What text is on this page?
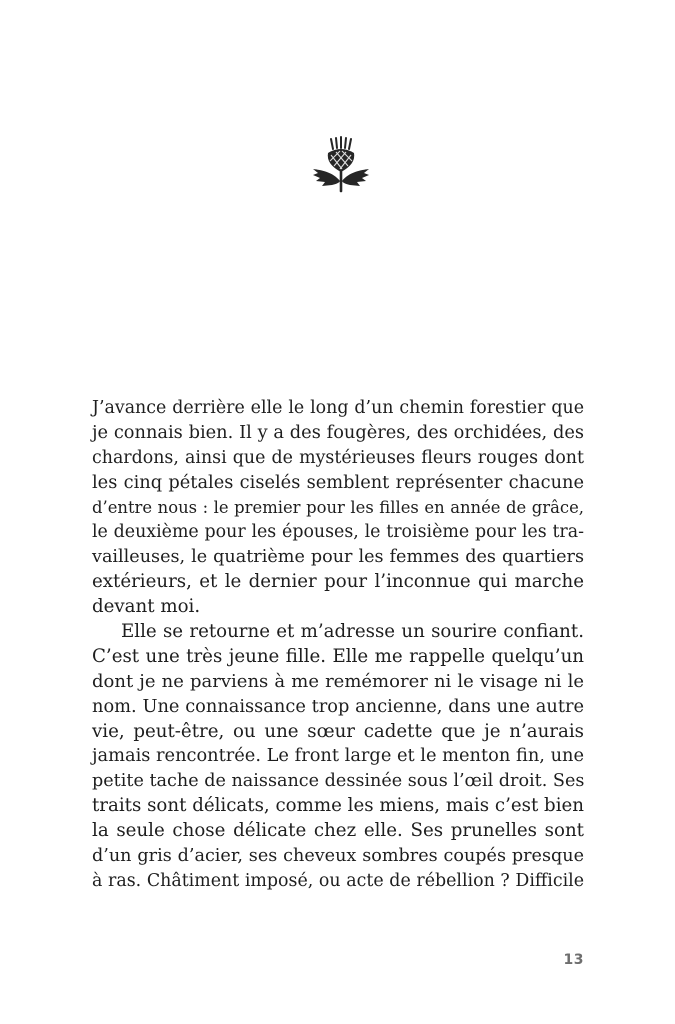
J’avance derrière elle le long d’un chemin forestier que
je connais bien. Il y a des fougères, des orchidées, des
chardons, ainsi que de mystérieuses fleurs rouges dont
les cinq pétales ciselés semblent représenter chacune
d’entre nous : le premier pour les filles en année de grâce,
le deuxième pour les épouses, le troisième pour les tra-
vailleuses, le quatrième pour les femmes des quartiers
extérieurs, et le dernier pour l’inconnue qui marche
devant moi.
Elle se retourne et m’adresse un sourire confiant.
C’est une très jeune fille. Elle me rappelle quelqu’un
dont je ne parviens à me remémorer ni le visage ni le
nom. Une connaissance trop ancienne, dans une autre
vie, peut-être, ou une sœur cadette que je n’aurais
jamais rencontrée. Le front large et le menton fin, une
petite tache de naissance dessinée sous l’œil droit. Ses
traits sont délicats, comme les miens, mais c’est bien
la seule chose délicate chez elle. Ses prunelles sont
d’un gris d’acier, ses cheveux sombres coupés presque
à ras. Châtiment imposé, ou acte de rébellion ? Difficile
13
